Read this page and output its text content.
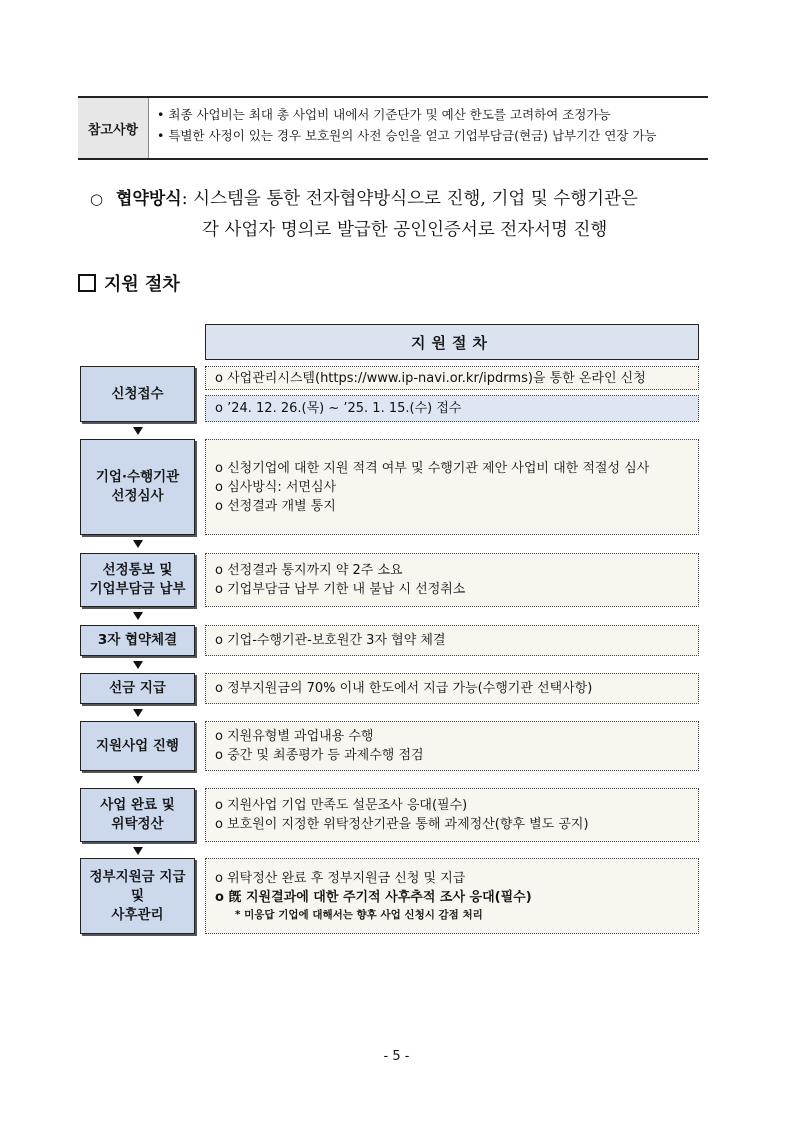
참고사항
• 최종 사업비는 최대 총 사업비 내에서 기준단가 및 예산 한도를 고려하여 조정가능
• 특별한 사정이 있는 경우 보호원의 사전 승인을 얻고 기업부담금(현금) 납부기간 연장 가능
○ 협약방식: 시스템을 통한 전자협약방식으로 진행, 기업 및 수행기관은
각 사업자 명의로 발급한 공인인증서로 전자서명 진행
지원 절차
지원절차
신청접수
o 사업관리시스템(https://www.ip-navi.or.kr/ipdrms)을 통한 온라인 신청
o ’24. 12. 26.(목) ~ ’25. 1. 15.(수) 접수
기업·수행기관
선정심사
o 신청기업에 대한 지원 적격 여부 및 수행기관 제안 사업비 대한 적절성 심사
o 심사방식: 서면심사
o 선정결과 개별 통지
선정통보 및
기업부담금 납부
o 선정결과 통지까지 약 2주 소요
o 기업부담금 납부 기한 내 불납 시 선정취소
3자 협약체결	o 기업-수행기관-보호원간 3자 협약 체결
선금 지급	o 정부지원금의 70% 이내 한도에서 지급 가능(수행기관 선택사항)
지원사업 진행
o 지원유형별 과업내용 수행
o 중간 및 최종평가 등 과제수행 점검
사업 완료 및
위탁정산
o 지원사업 기업 만족도 설문조사 응대(필수)
o 보호원이 지정한 위탁정산기관을 통해 과제정산(향후 별도 공지)
정부지원금 지급
및
사후관리
o 위탁정산 완료 후 정부지원금 신청 및 지급
o 旣 지원결과에 대한 주기적 사후추적 조사 응대(필수)
* 미응답 기업에 대해서는 향후 사업 신청시 감점 처리
- 5 -
